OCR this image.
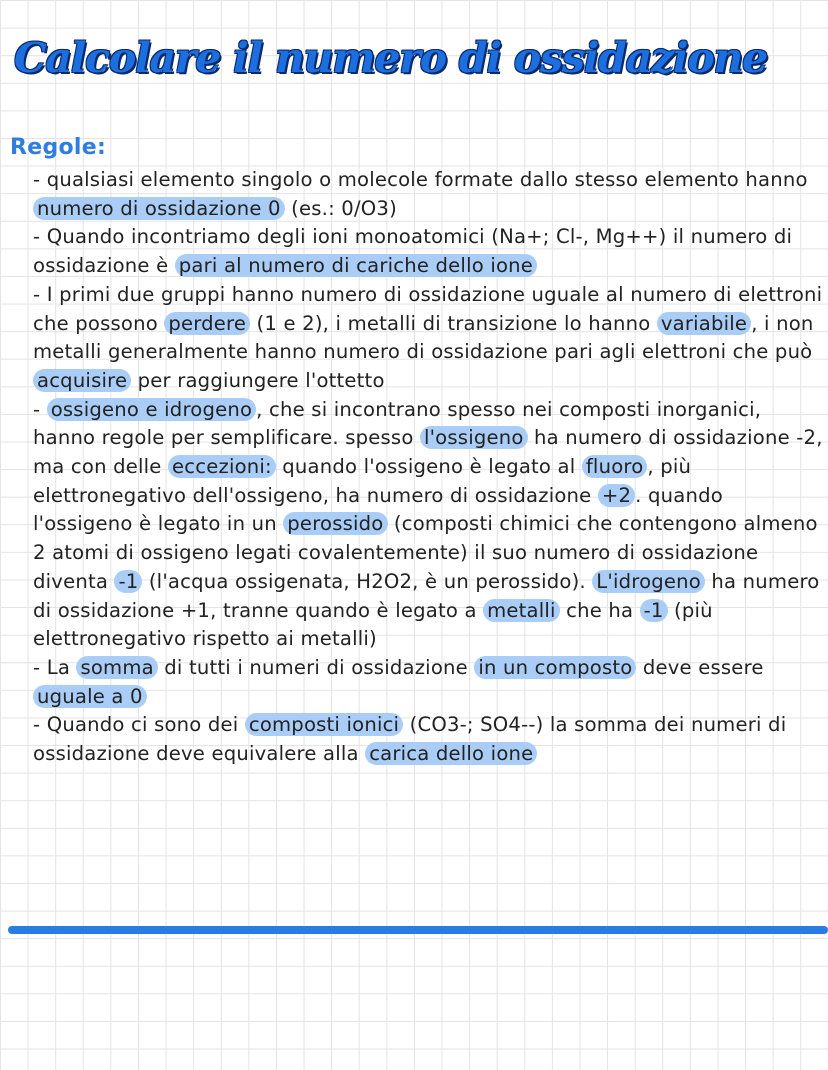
Calcolare il numero di ossidazione
Regole:
- qualsiasi elemento singolo o molecole formate dallo stesso elemento hanno numero di ossidazione 0 (es.: 0/O3)
- Quando incontriamo degli ioni monoatomici (Na+; Cl-, Mg++) il numero di ossidazione è pari al numero di cariche dello ione
- I primi due gruppi hanno numero di ossidazione uguale al numero di elettroni che possono perdere (1 e 2), i metalli di transizione lo hanno variabile , i non metalli generalmente hanno numero di ossidazione pari agli elettroni che può acquisire per raggiungere l'ottetto
- ossigeno e idrogeno , che si incontrano spesso nei composti inorganici, hanno regole per semplificare. spesso l'ossigeno ha numero di ossidazione -2, ma con delle eccezioni: quando l'ossigeno è legato al fluoro , più elettronegativo dell'ossigeno, ha numero di ossidazione +2 . quando l'ossigeno è legato in un perossido (composti chimici che contengono almeno 2 atomi di ossigeno legati covalentemente) il suo numero di ossidazione diventa -1 (l'acqua ossigenata, H2O2, è un perossido). L'idrogeno ha numero di ossidazione +1, tranne quando è legato a metalli che ha -1 (più elettronegativo rispetto ai metalli)
- La somma di tutti i numeri di ossidazione in un composto deve essere uguale a 0
- Quando ci sono dei composti ionici (CO3-; SO4--) la somma dei numeri di ossidazione deve equivalere alla carica dello ione
